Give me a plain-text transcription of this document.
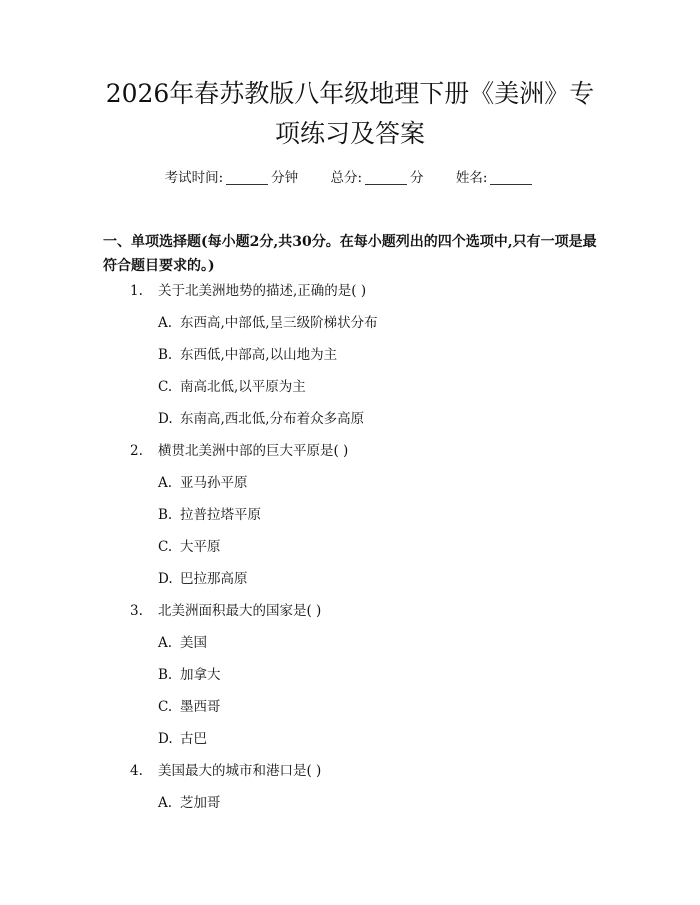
2026年春苏教版八年级地理下册《美洲》专
项练习及答案
考试时间:	分钟 总分:	分 姓名:

一、单项选择题(每小题2分,共30分。在每小题列出的四个选项中,只有一项是最符合题目要求的。)

1. 关于北美洲地势的描述,正确的是( )
A. 东西高,中部低,呈三级阶梯状分布
B. 东西低,中部高,以山地为主
C. 南高北低,以平原为主
D. 东南高,西北低,分布着众多高原
2. 横贯北美洲中部的巨大平原是( )
A. 亚马孙平原
B. 拉普拉塔平原
C. 大平原
D. 巴拉那高原
3. 北美洲面积最大的国家是( )
A. 美国
B. 加拿大
C. 墨西哥
D. 古巴
4. 美国最大的城市和港口是( )
A. 芝加哥
